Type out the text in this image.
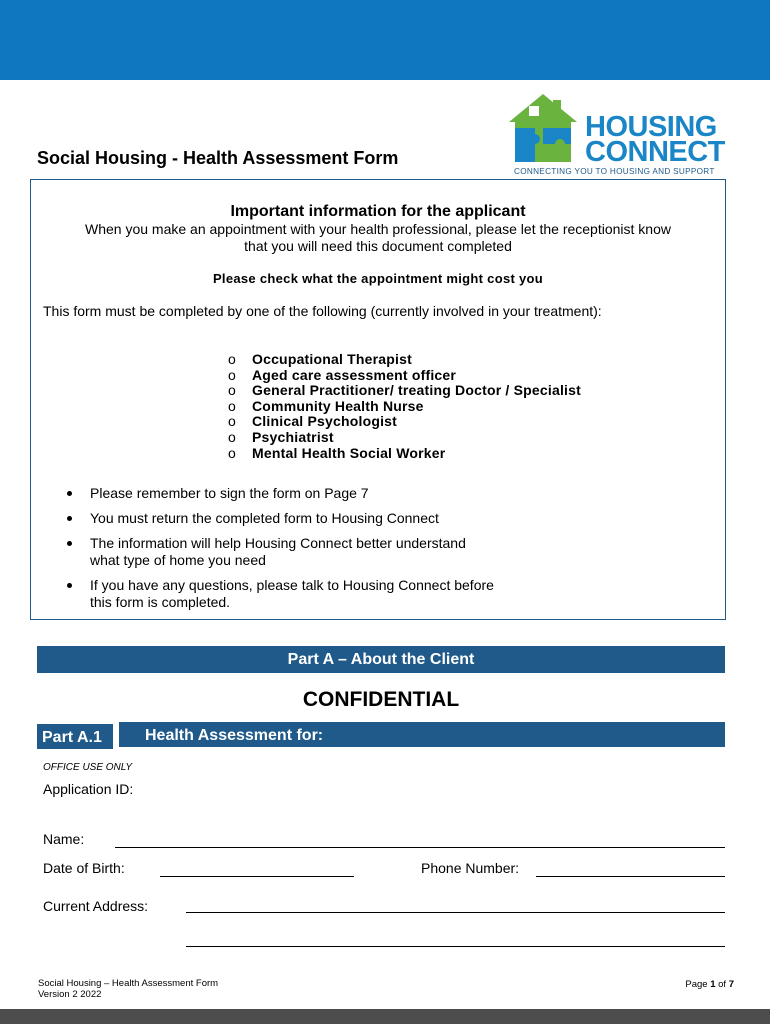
HOUSING
CONNECT
CONNECTING YOU TO HOUSING AND SUPPORT
Social Housing - Health Assessment Form
Important information for the applicant
When you make an appointment with your health professional, please let the receptionist know
that you will need this document completed
Please check what the appointment might cost you
This form must be completed by one of the following (currently involved in your treatment):
o Occupational Therapist
o Aged care assessment officer
o General Practitioner/ treating Doctor / Specialist
o Community Health Nurse
o Clinical Psychologist
o Psychiatrist
o Mental Health Social Worker
Please remember to sign the form on Page 7
You must return the completed form to Housing Connect
The information will help Housing Connect better understand
what type of home you need
If you have any questions, please talk to Housing Connect before
this form is completed.
Part A – About the Client
CONFIDENTIAL
Part A.1	Health Assessment for:
OFFICE USE ONLY
Application ID:
Name:
Date of Birth:	Phone Number:
Current Address:
Social Housing – Health Assessment Form
Version 2 2022
Page 1 of 7
